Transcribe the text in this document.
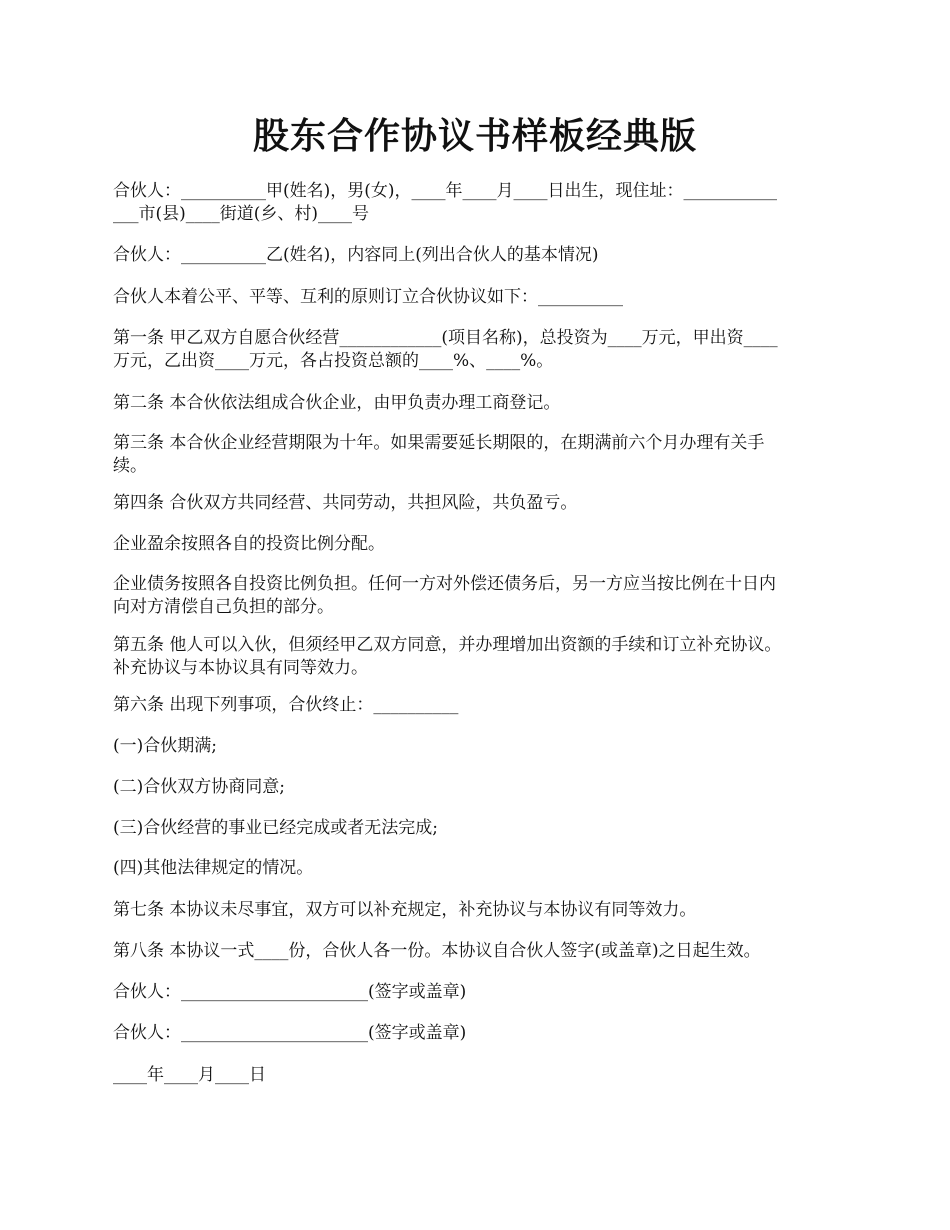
股东合作协议书样板经典版
合伙人：__________甲(姓名)，男(女)，____年____月____日出生，现住址：___________
___市(县)____街道(乡、村)____号
合伙人：__________乙(姓名)，内容同上(列出合伙人的基本情况)
合伙人本着公平、平等、互利的原则订立合伙协议如下：__________
第一条 甲乙双方自愿合伙经营____________(项目名称)，总投资为____万元，甲出资____
万元，乙出资____万元，各占投资总额的____%、____%。
第二条 本合伙依法组成合伙企业，由甲负责办理工商登记。
第三条 本合伙企业经营期限为十年。如果需要延长期限的，在期满前六个月办理有关手
续。
第四条 合伙双方共同经营、共同劳动，共担风险，共负盈亏。
企业盈余按照各自的投资比例分配。
企业债务按照各自投资比例负担。任何一方对外偿还债务后，另一方应当按比例在十日内
向对方清偿自己负担的部分。
第五条 他人可以入伙，但须经甲乙双方同意，并办理增加出资额的手续和订立补充协议。
补充协议与本协议具有同等效力。
第六条 出现下列事项，合伙终止：__________
(一)合伙期满;
(二)合伙双方协商同意;
(三)合伙经营的事业已经完成或者无法完成;
(四)其他法律规定的情况。
第七条 本协议未尽事宜，双方可以补充规定，补充协议与本协议有同等效力。
第八条 本协议一式____份，合伙人各一份。本协议自合伙人签字(或盖章)之日起生效。
合伙人：______________________(签字或盖章)
合伙人：______________________(签字或盖章)
____年____月____日
